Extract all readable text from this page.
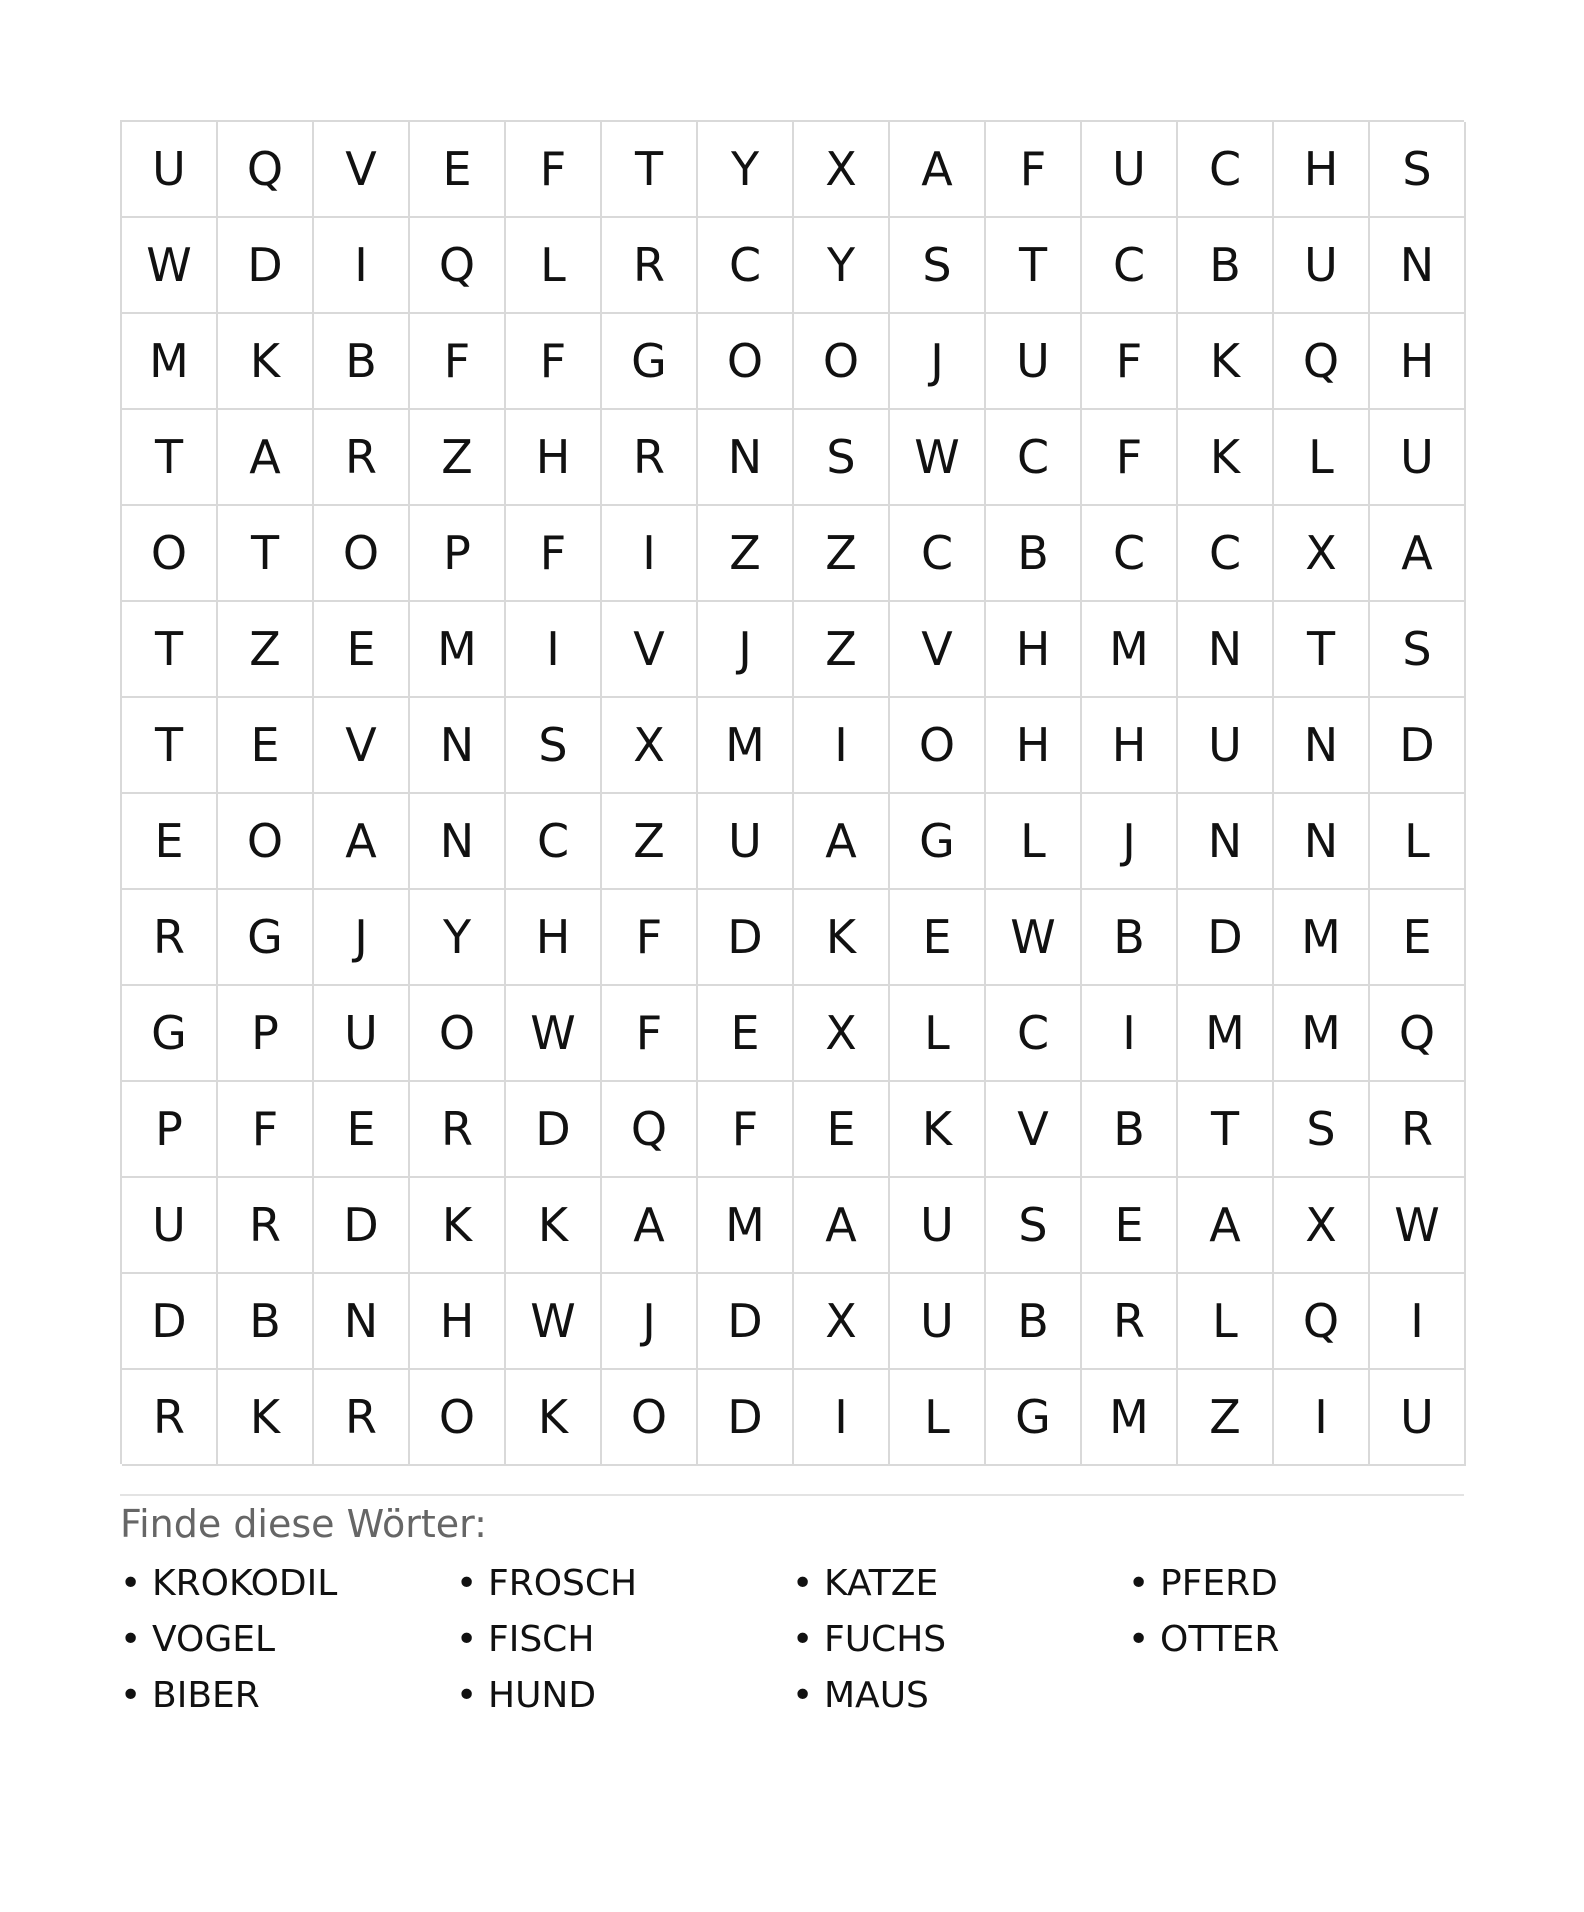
U	Q	V	E	F	T	Y	X	A	F	U	C	H	S
W	D	I	Q	L	R	C	Y	S	T	C	B	U	N
M	K	B	F	F	G	O	O	J	U	F	K	Q	H
T	A	R	Z	H	R	N	S	W	C	F	K	L	U
O	T	O	P	F	I	Z	Z	C	B	C	C	X	A
T	Z	E	M	I	V	J	Z	V	H	M	N	T	S
T	E	V	N	S	X	M	I	O	H	H	U	N	D
E	O	A	N	C	Z	U	A	G	L	J	N	N	L
R	G	J	Y	H	F	D	K	E	W	B	D	M	E
G	P	U	O	W	F	E	X	L	C	I	M	M	Q
P	F	E	R	D	Q	F	E	K	V	B	T	S	R
U	R	D	K	K	A	M	A	U	S	E	A	X	W
D	B	N	H	W	J	D	X	U	B	R	L	Q	I
R	K	R	O	K	O	D	I	L	G	M	Z	I	U
Finde diese Wörter:
• KROKODIL	• FROSCH	• KATZE	• PFERD
• VOGEL	• FISCH	• FUCHS	• OTTER
• BIBER	• HUND	• MAUS
